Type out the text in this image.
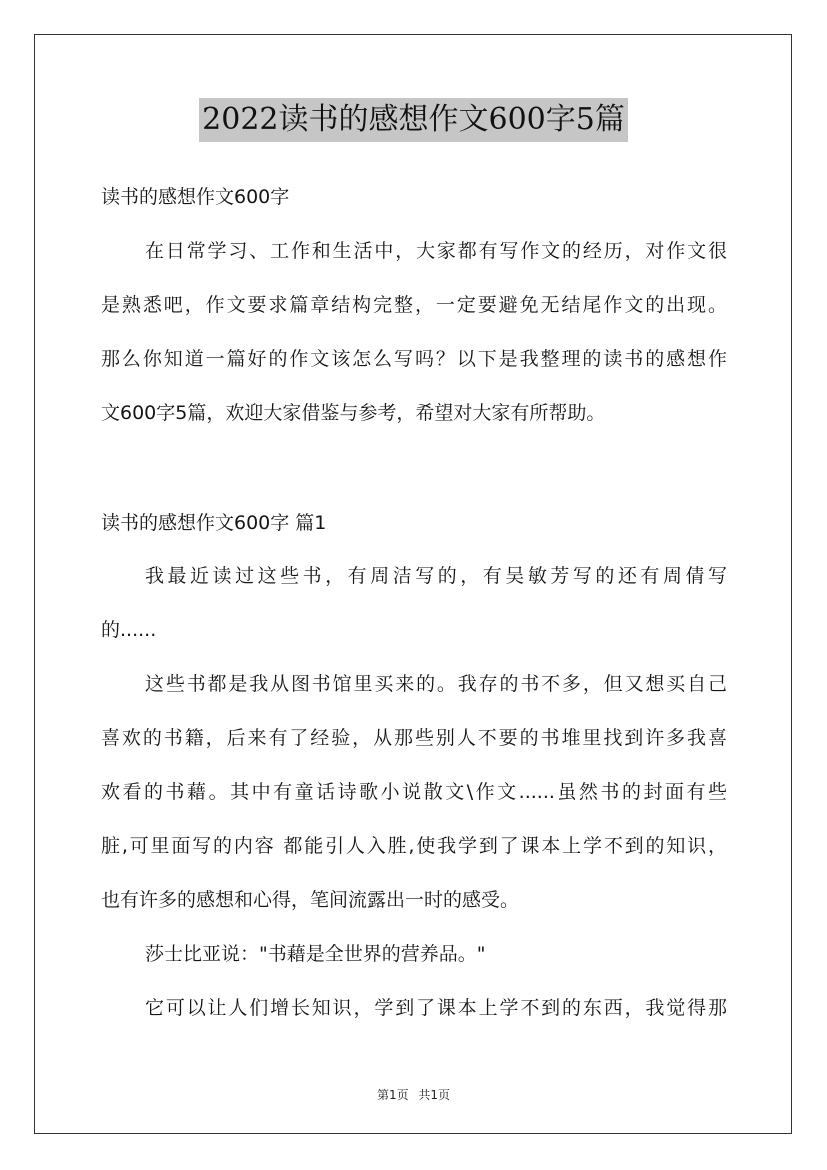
2022读书的感想作文600字5篇
读书的感想作文600字
在日常学习、工作和生活中，大家都有写作文的经历，对作文很
是熟悉吧，作文要求篇章结构完整，一定要避免无结尾作文的出现。
那么你知道一篇好的作文该怎么写吗？以下是我整理的读书的感想作
文600字5篇，欢迎大家借鉴与参考，希望对大家有所帮助。
读书的感想作文600字 篇1
我最近读过这些书，有周洁写的，有吴敏芳写的还有周倩写
的......
这些书都是我从图书馆里买来的。我存的书不多，但又想买自己
喜欢的书籍，后来有了经验，从那些别人不要的书堆里找到许多我喜
欢看的书藉。其中有童话诗歌小说散文\作文......虽然书的封面有些
脏,可里面写的内容 都能引人入胜,使我学到了课本上学不到的知识，
也有许多的感想和心得，笔间流露出一时的感受。
莎士比亚说："书藉是全世界的营养品。"
它可以让人们增长知识，学到了课本上学不到的东西，我觉得那
第1页 共1页
